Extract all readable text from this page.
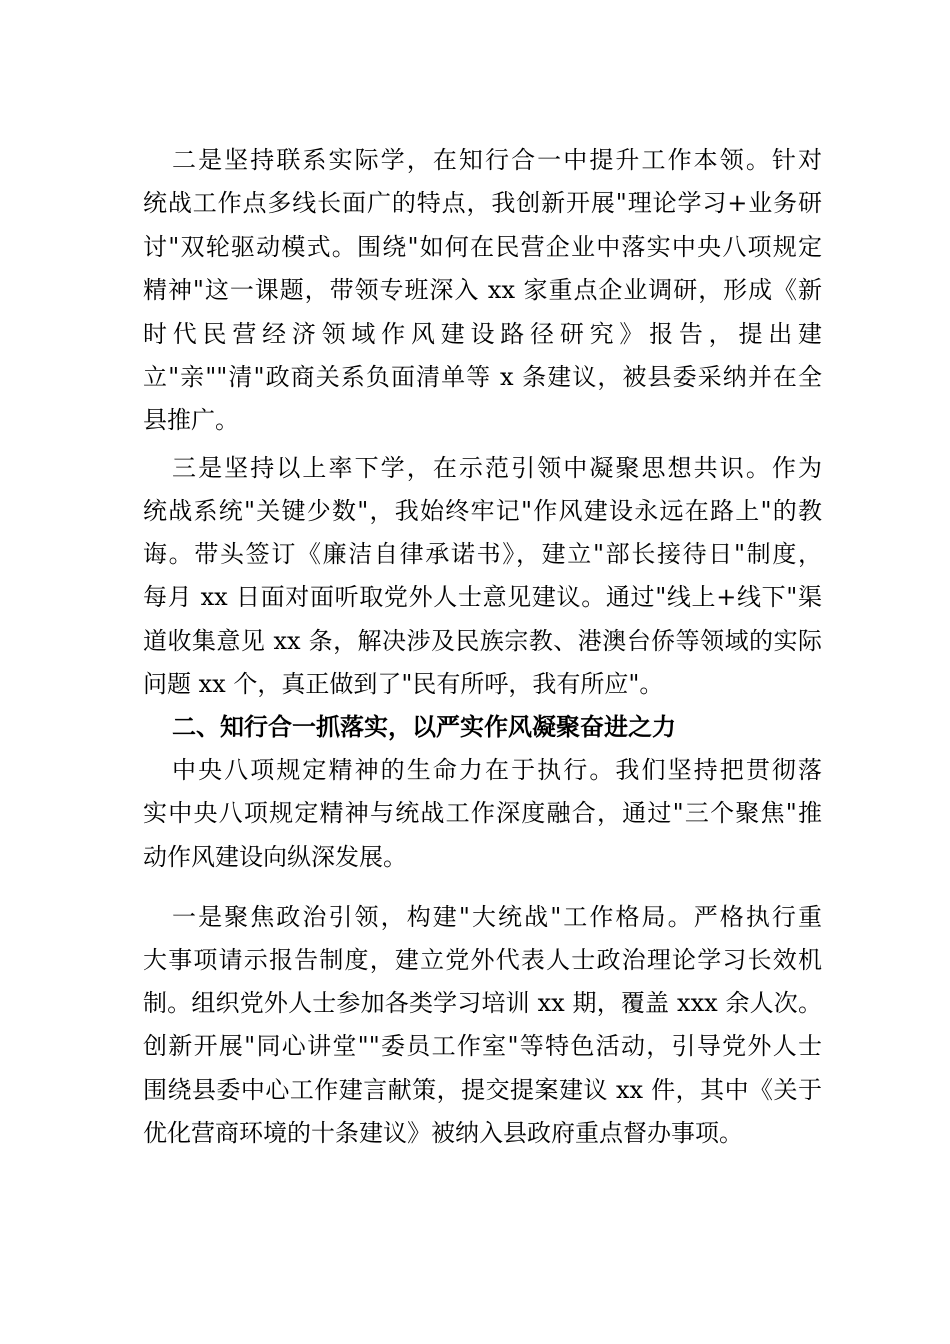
二是坚持联系实际学，在知行合一中提升工作本领。针对
统战工作点多线长面广的特点，我创新开展"理论学习+业务研
讨"双轮驱动模式。围绕"如何在民营企业中落实中央八项规定
精神"这一课题，带领专班深入 xx 家重点企业调研，形成《新
时代民营经济领域作风建设路径研究》报告，提出建
立"亲""清"政商关系负面清单等 x 条建议，被县委采纳并在全
县推广。
三是坚持以上率下学，在示范引领中凝聚思想共识。作为
统战系统"关键少数"，我始终牢记"作风建设永远在路上"的教
诲。带头签订《廉洁自律承诺书》，建立"部长接待日"制度，
每月 xx 日面对面听取党外人士意见建议。通过"线上+线下"渠
道收集意见 xx 条，解决涉及民族宗教、港澳台侨等领域的实际
问题 xx 个，真正做到了"民有所呼，我有所应"。
二、知行合一抓落实，以严实作风凝聚奋进之力
中央八项规定精神的生命力在于执行。我们坚持把贯彻落
实中央八项规定精神与统战工作深度融合，通过"三个聚焦"推
动作风建设向纵深发展。
一是聚焦政治引领，构建"大统战"工作格局。严格执行重
大事项请示报告制度，建立党外代表人士政治理论学习长效机
制。组织党外人士参加各类学习培训 xx 期，覆盖 xxx 余人次。
创新开展"同心讲堂""委员工作室"等特色活动，引导党外人士
围绕县委中心工作建言献策，提交提案建议 xx 件，其中《关于
优化营商环境的十条建议》被纳入县政府重点督办事项。
